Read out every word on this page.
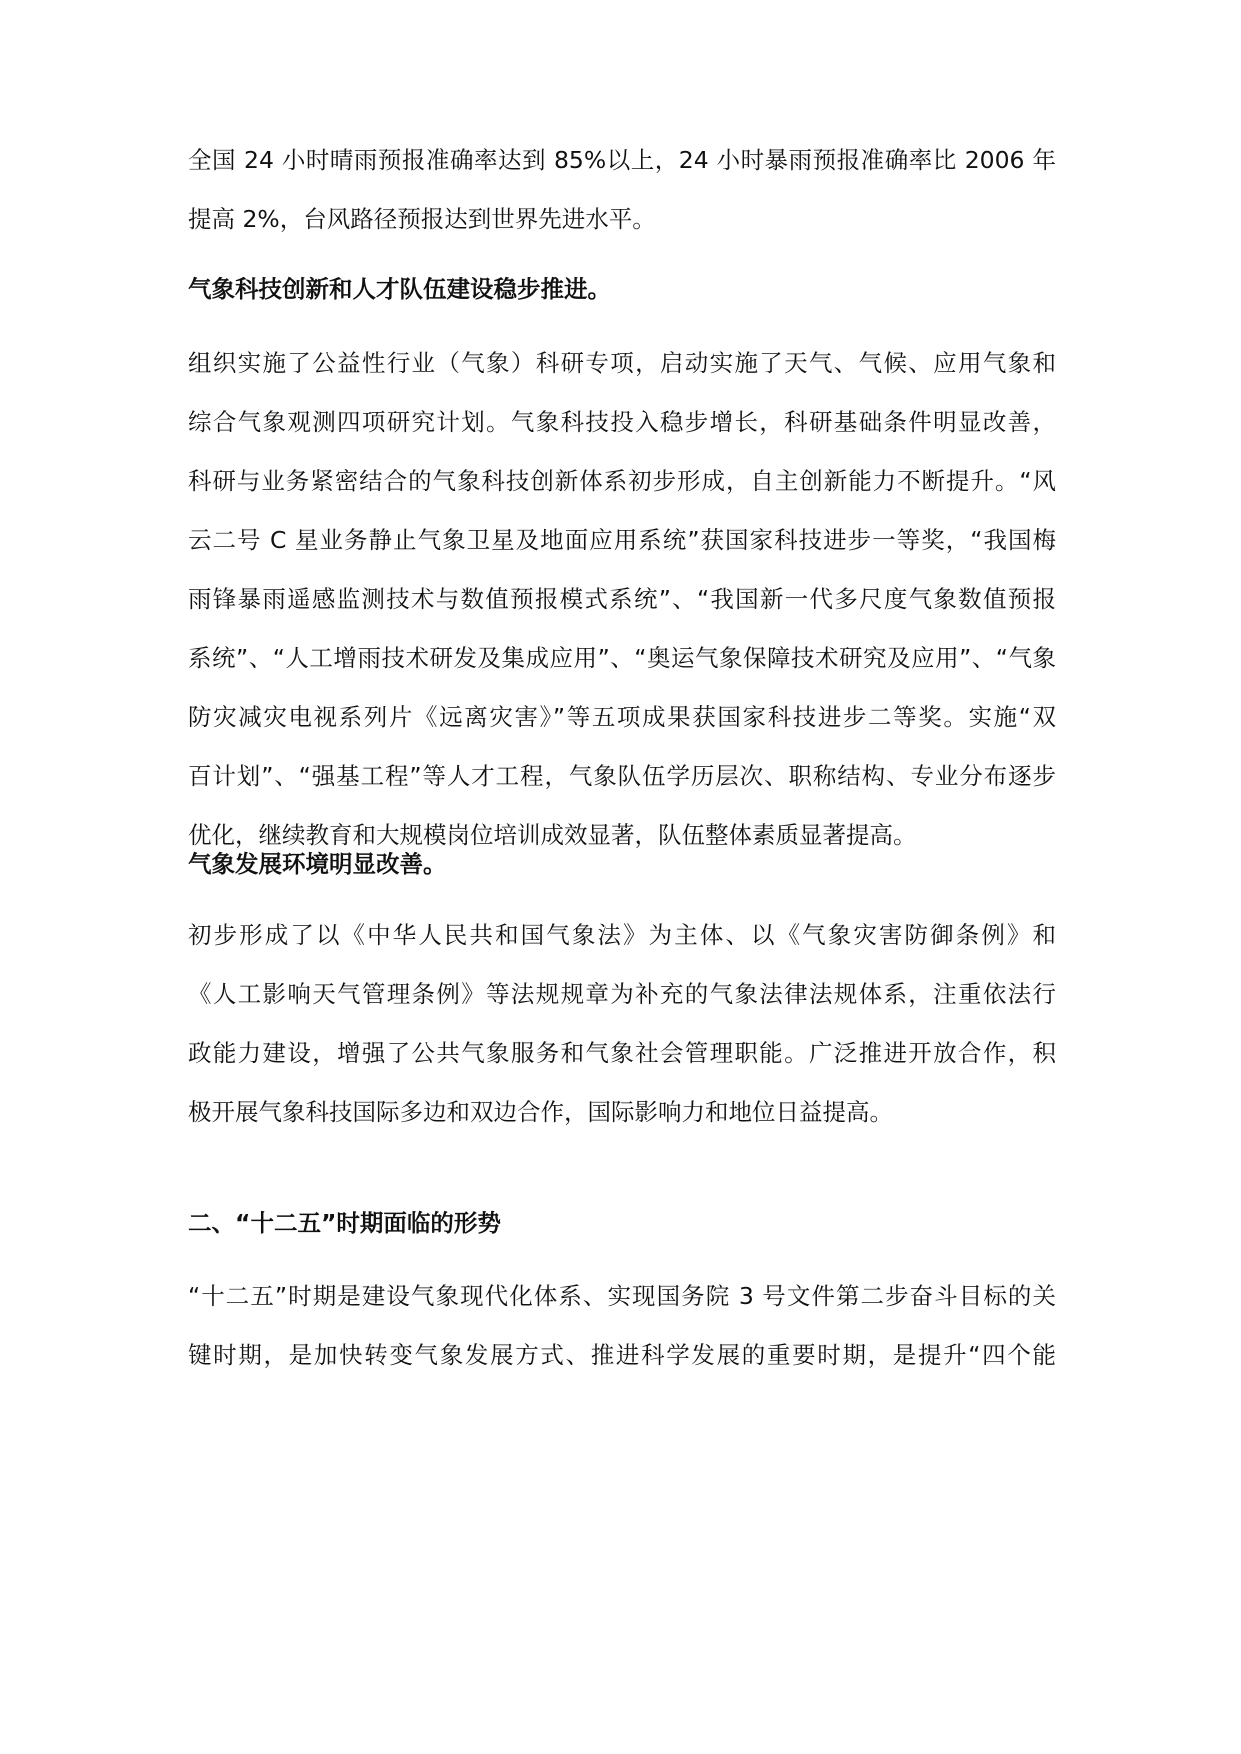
全国 24 小时晴雨预报准确率达到 85%以上，24 小时暴雨预报准确率比 2006 年
提高 2%，台风路径预报达到世界先进水平。
气象科技创新和人才队伍建设稳步推进。
组织实施了公益性行业（气象）科研专项，启动实施了天气、气候、应用气象和
综合气象观测四项研究计划。气象科技投入稳步增长，科研基础条件明显改善，
科研与业务紧密结合的气象科技创新体系初步形成，自主创新能力不断提升。“风
云二号 C 星业务静止气象卫星及地面应用系统”获国家科技进步一等奖，“我国梅
雨锋暴雨遥感监测技术与数值预报模式系统”、“我国新一代多尺度气象数值预报
系统”、“人工增雨技术研发及集成应用”、“奥运气象保障技术研究及应用”、“气象
防灾减灾电视系列片《远离灾害》”等五项成果获国家科技进步二等奖。实施“双
百计划”、“强基工程”等人才工程，气象队伍学历层次、职称结构、专业分布逐步
优化，继续教育和大规模岗位培训成效显著，队伍整体素质显著提高。
气象发展环境明显改善。
初步形成了以《中华人民共和国气象法》为主体、以《气象灾害防御条例》和
《人工影响天气管理条例》等法规规章为补充的气象法律法规体系，注重依法行
政能力建设，增强了公共气象服务和气象社会管理职能。广泛推进开放合作，积
极开展气象科技国际多边和双边合作，国际影响力和地位日益提高。
二、“十二五”时期面临的形势
“十二五”时期是建设气象现代化体系、实现国务院 3 号文件第二步奋斗目标的关
键时期，是加快转变气象发展方式、推进科学发展的重要时期，是提升“四个能
